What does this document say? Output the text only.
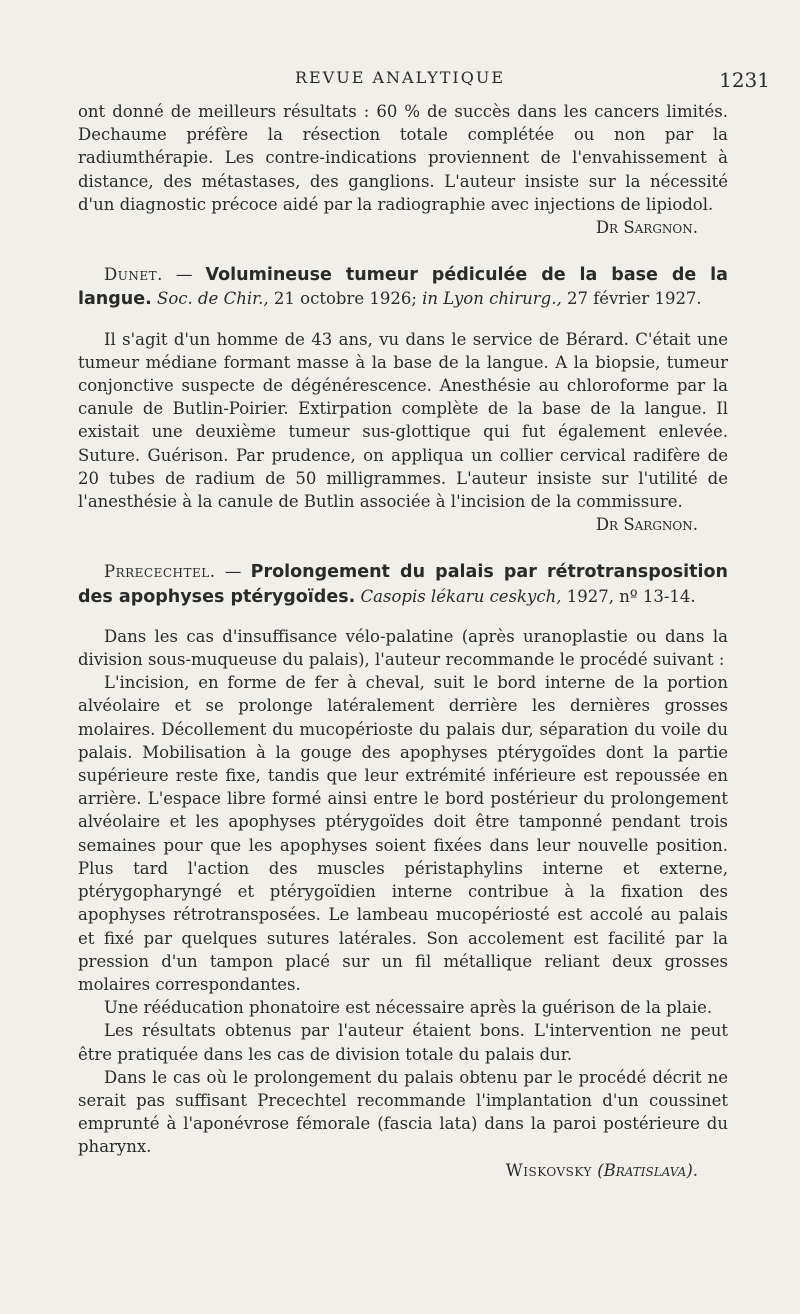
REVUE ANALYTIQUE	1231

ont donné de meilleurs résultats : 60 % de succès dans les cancers limités. Dechaume préfère la résection totale complétée ou non par la radiumthérapie. Les contre-indications proviennent de l'envahissement à distance, des métastases, des ganglions. L'auteur insiste sur la nécessité d'un diagnostic précoce aidé par la radiographie avec injections de lipiodol.

Dr Sargnon.

Dunet. — Volumineuse tumeur pédiculée de la base de la langue. Soc. de Chir., 21 octobre 1926; in Lyon chirurg., 27 février 1927.

Il s'agit d'un homme de 43 ans, vu dans le service de Bérard. C'était une tumeur médiane formant masse à la base de la langue. A la biopsie, tumeur conjonctive suspecte de dégénérescence. Anesthésie au chloroforme par la canule de Butlin-Poirier. Extirpation complète de la base de la langue. Il existait une deuxième tumeur sus-glottique qui fut également enlevée. Suture. Guérison. Par prudence, on appliqua un collier cervical radifère de 20 tubes de radium de 50 milligrammes. L'auteur insiste sur l'utilité de l'anesthésie à la canule de Butlin associée à l'incision de la commissure.

Dr Sargnon.

Prrecechtel. — Prolongement du palais par rétrotransposition des apophyses ptérygoïdes. Casopis lékaru ceskych, 1927, nº 13-14.

Dans les cas d'insuffisance vélo-palatine (après uranoplastie ou dans la division sous-muqueuse du palais), l'auteur recommande le procédé suivant :

L'incision, en forme de fer à cheval, suit le bord interne de la portion alvéolaire et se prolonge latéralement derrière les dernières grosses molaires. Décollement du mucopérioste du palais dur, séparation du voile du palais. Mobilisation à la gouge des apophyses ptérygoïdes dont la partie supérieure reste fixe, tandis que leur extrémité inférieure est repoussée en arrière. L'espace libre formé ainsi entre le bord postérieur du prolongement alvéolaire et les apophyses ptérygoïdes doit être tamponné pendant trois semaines pour que les apophyses soient fixées dans leur nouvelle position. Plus tard l'action des muscles péristaphylins interne et externe, ptérygopharyngé et ptérygoïdien interne contribue à la fixation des apophyses rétrotransposées. Le lambeau mucopériosté est accolé au palais et fixé par quelques sutures latérales. Son accolement est facilité par la pression d'un tampon placé sur un fil métallique reliant deux grosses molaires correspondantes.

Une rééducation phonatoire est nécessaire après la guérison de la plaie.

Les résultats obtenus par l'auteur étaient bons. L'intervention ne peut être pratiquée dans les cas de division totale du palais dur.

Dans le cas où le prolongement du palais obtenu par le procédé décrit ne serait pas suffisant Precechtel recommande l'implantation d'un coussinet emprunté à l'aponévrose fémorale (fascia lata) dans la paroi postérieure du pharynx.

Wiskovsky (Bratislava).
